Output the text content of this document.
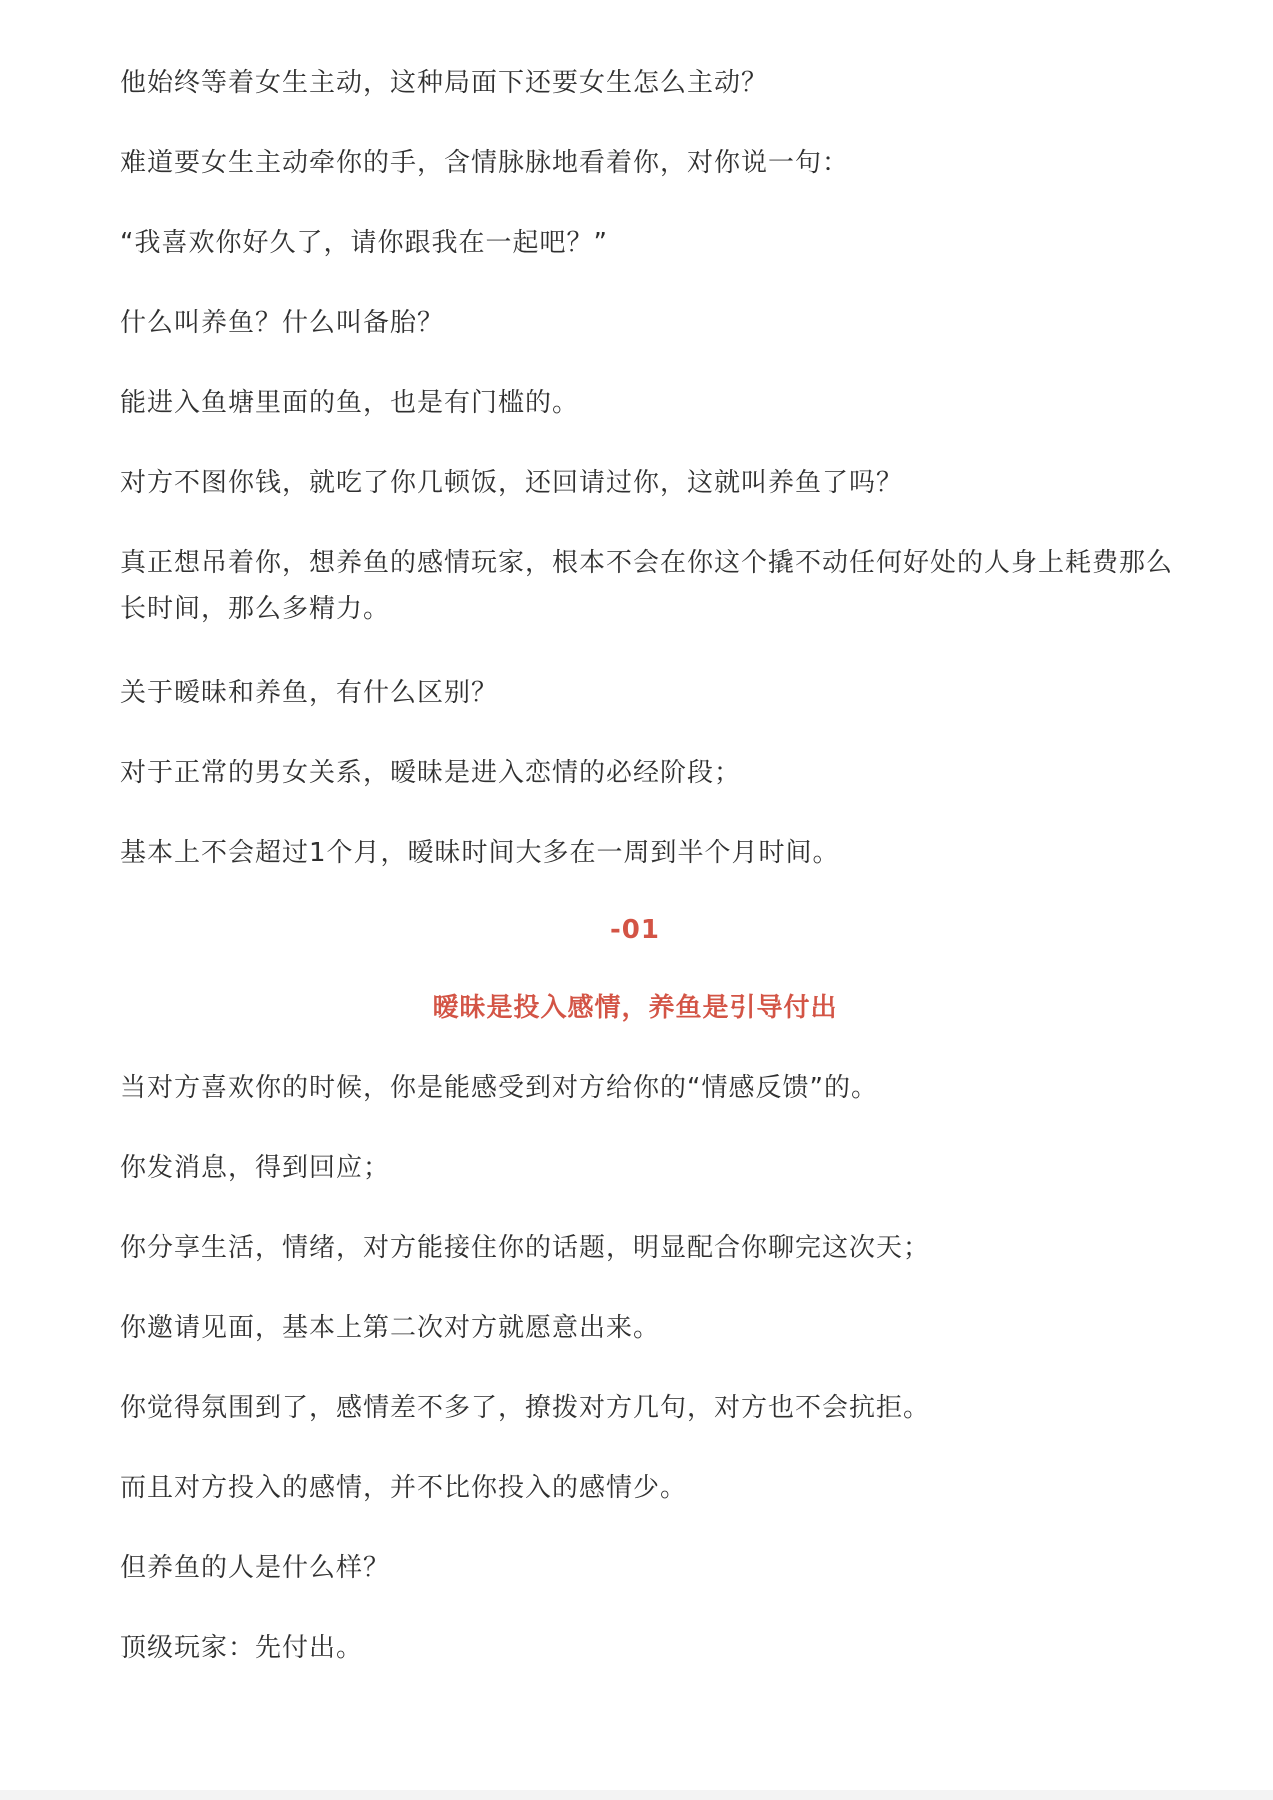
他始终等着女生主动，这种局面下还要女生怎么主动？
难道要女生主动牵你的手，含情脉脉地看着你，对你说一句：
“我喜欢你好久了，请你跟我在一起吧？”
什么叫养鱼？什么叫备胎？
能进入鱼塘里面的鱼，也是有门槛的。
对方不图你钱，就吃了你几顿饭，还回请过你，这就叫养鱼了吗？
真正想吊着你，想养鱼的感情玩家，根本不会在你这个撬不动任何好处的人身上耗费那么长时间，那么多精力。
关于暧昧和养鱼，有什么区别？
对于正常的男女关系，暧昧是进入恋情的必经阶段；
基本上不会超过1个月，暧昧时间大多在一周到半个月时间。
-01
暧昧是投入感情，养鱼是引导付出
当对方喜欢你的时候，你是能感受到对方给你的“情感反馈”的。
你发消息，得到回应；
你分享生活，情绪，对方能接住你的话题，明显配合你聊完这次天；
你邀请见面，基本上第二次对方就愿意出来。
你觉得氛围到了，感情差不多了，撩拨对方几句，对方也不会抗拒。
而且对方投入的感情，并不比你投入的感情少。
但养鱼的人是什么样？
顶级玩家：先付出。
